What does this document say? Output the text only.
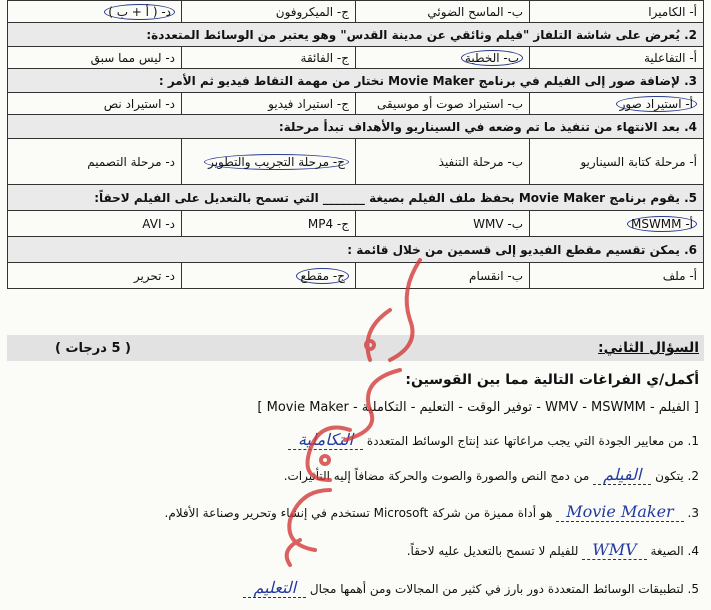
أ- الكاميرا	ب- الماسح الضوئي	ج- الميكروفون	د- ( أ + ب )
2. يُعرض على شاشة التلفاز "فيلم وثائقي عن مدينة القدس" وهو يعتبر من الوسائط المتعددة:			
أ- التفاعلية	ب- الخطية	ج- الفائقة	د- ليس مما سبق
3. لإضافة صور إلى الفيلم في برنامج Movie Maker نختار من مهمة التقاط فيديو ثم الأمر :			
أ- استيراد صور	ب- استيراد صوت أو موسيقى	ج- استيراد فيديو	د- استيراد نص
4. بعد الانتهاء من تنفيذ ما تم وضعه في السيناريو والأهداف تبدأ مرحلة:			
أ- مرحلة كتابة السيناريو	ب- مرحلة التنفيذ	ج- مرحلة التجريب والتطوير	د- مرحلة التصميم
5. يقوم برنامج Movie Maker بحفظ ملف الفيلم بصيغة _______ التي تسمح بالتعديل على الفيلم لاحقاً:			
أ- MSWMM	ب- WMV	ج- MP4	د- AVI
6. يمكن تقسيم مقطع الفيديو إلى قسمين من خلال قائمة :			
أ- ملف	ب- انقسام	ج- مقطع	د- تحرير
السؤال الثاني:
( 5 درجات )
أكمل/ي الفراغات التالية مما بين القوسين:
[ الفيلم - WMV - MSWMM - توفير الوقت - التعليم - التكاملية - Movie Maker ]
1. من معايير الجودة التي يجب مراعاتها عند إنتاج الوسائط المتعددة التكاملية
2. يتكون الفيلم من دمج النص والصورة والصوت والحركة مضافاً إليه التأثيرات.
3. Movie Maker هو أداة مميزة من شركة Microsoft تستخدم في إنشاء وتحرير وصناعة الأفلام.
4. الصيغة WMV للفيلم لا تسمح بالتعديل عليه لاحقاً.
5. لتطبيقات الوسائط المتعددة دور بارز في كثير من المجالات ومن أهمها مجال التعليم
